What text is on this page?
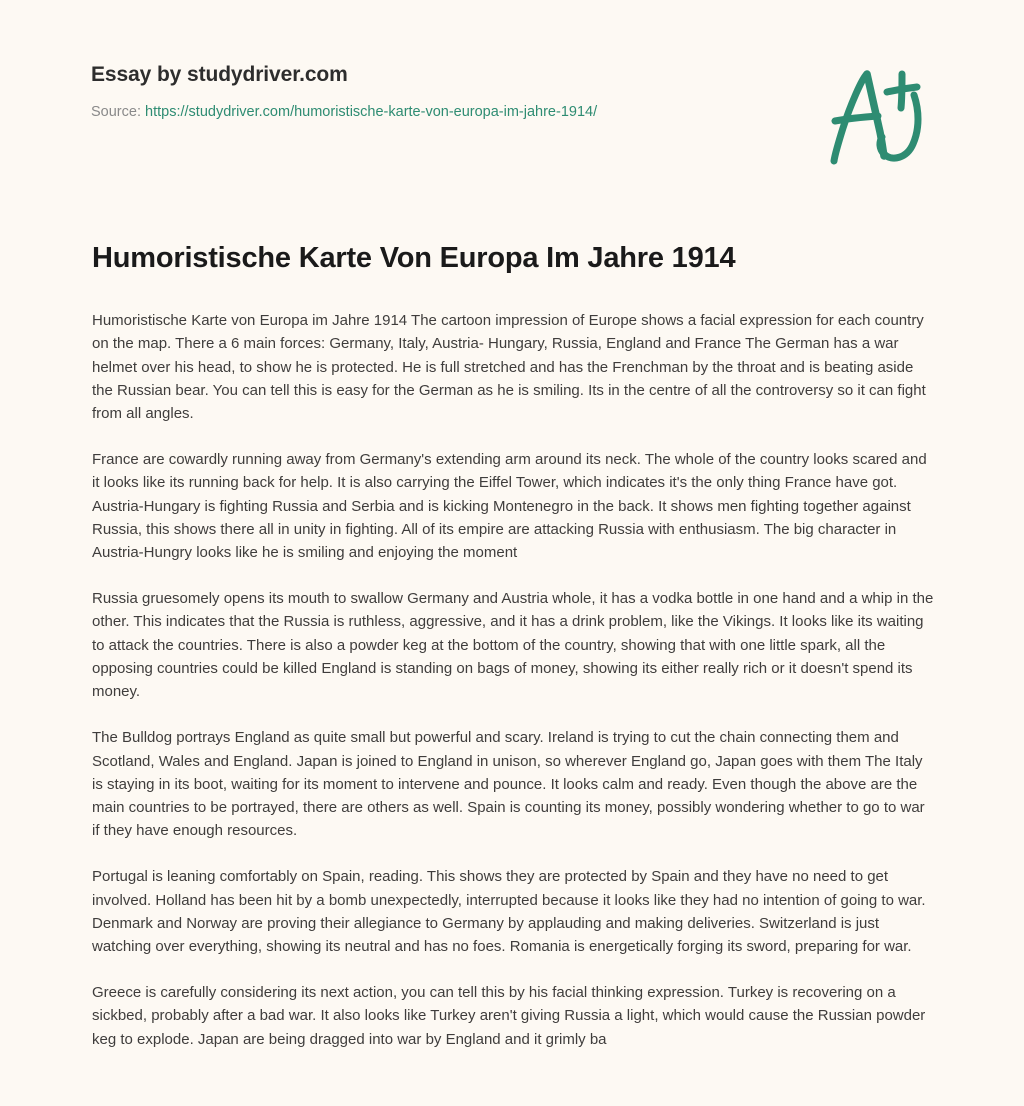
Essay by studydriver.com
Source: https://studydriver.com/humoristische-karte-von-europa-im-jahre-1914/
Humoristische Karte Von Europa Im Jahre 1914

Humoristische Karte von Europa im Jahre 1914 The cartoon impression of Europe shows a facial expression for each country on the map. There a 6 main forces: Germany, Italy, Austria- Hungary, Russia, England and France The German has a war helmet over his head, to show he is protected. He is full stretched and has the Frenchman by the throat and is beating aside the Russian bear. You can tell this is easy for the German as he is smiling. Its in the centre of all the controversy so it can fight from all angles.

France are cowardly running away from Germany's extending arm around its neck. The whole of the country looks scared and it looks like its running back for help. It is also carrying the Eiffel Tower, which indicates it's the only thing France have got. Austria-Hungary is fighting Russia and Serbia and is kicking Montenegro in the back. It shows men fighting together against Russia, this shows there all in unity in fighting. All of its empire are attacking Russia with enthusiasm. The big character in Austria-Hungry looks like he is smiling and enjoying the moment

Russia gruesomely opens its mouth to swallow Germany and Austria whole, it has a vodka bottle in one hand and a whip in the other. This indicates that the Russia is ruthless, aggressive, and it has a drink problem, like the Vikings. It looks like its waiting to attack the countries. There is also a powder keg at the bottom of the country, showing that with one little spark, all the opposing countries could be killed England is standing on bags of money, showing its either really rich or it doesn't spend its money.

The Bulldog portrays England as quite small but powerful and scary. Ireland is trying to cut the chain connecting them and Scotland, Wales and England. Japan is joined to England in unison, so wherever England go, Japan goes with them The Italy is staying in its boot, waiting for its moment to intervene and pounce. It looks calm and ready. Even though the above are the main countries to be portrayed, there are others as well. Spain is counting its money, possibly wondering whether to go to war if they have enough resources.

Portugal is leaning comfortably on Spain, reading. This shows they are protected by Spain and they have no need to get involved. Holland has been hit by a bomb unexpectedly, interrupted because it looks like they had no intention of going to war. Denmark and Norway are proving their allegiance to Germany by applauding and making deliveries. Switzerland is just watching over everything, showing its neutral and has no foes. Romania is energetically forging its sword, preparing for war.

Greece is carefully considering its next action, you can tell this by his facial thinking expression. Turkey is recovering on a sickbed, probably after a bad war. It also looks like Turkey aren't giving Russia a light, which would cause the Russian powder keg to explode. Japan are being dragged into war by England and it grimly ba
